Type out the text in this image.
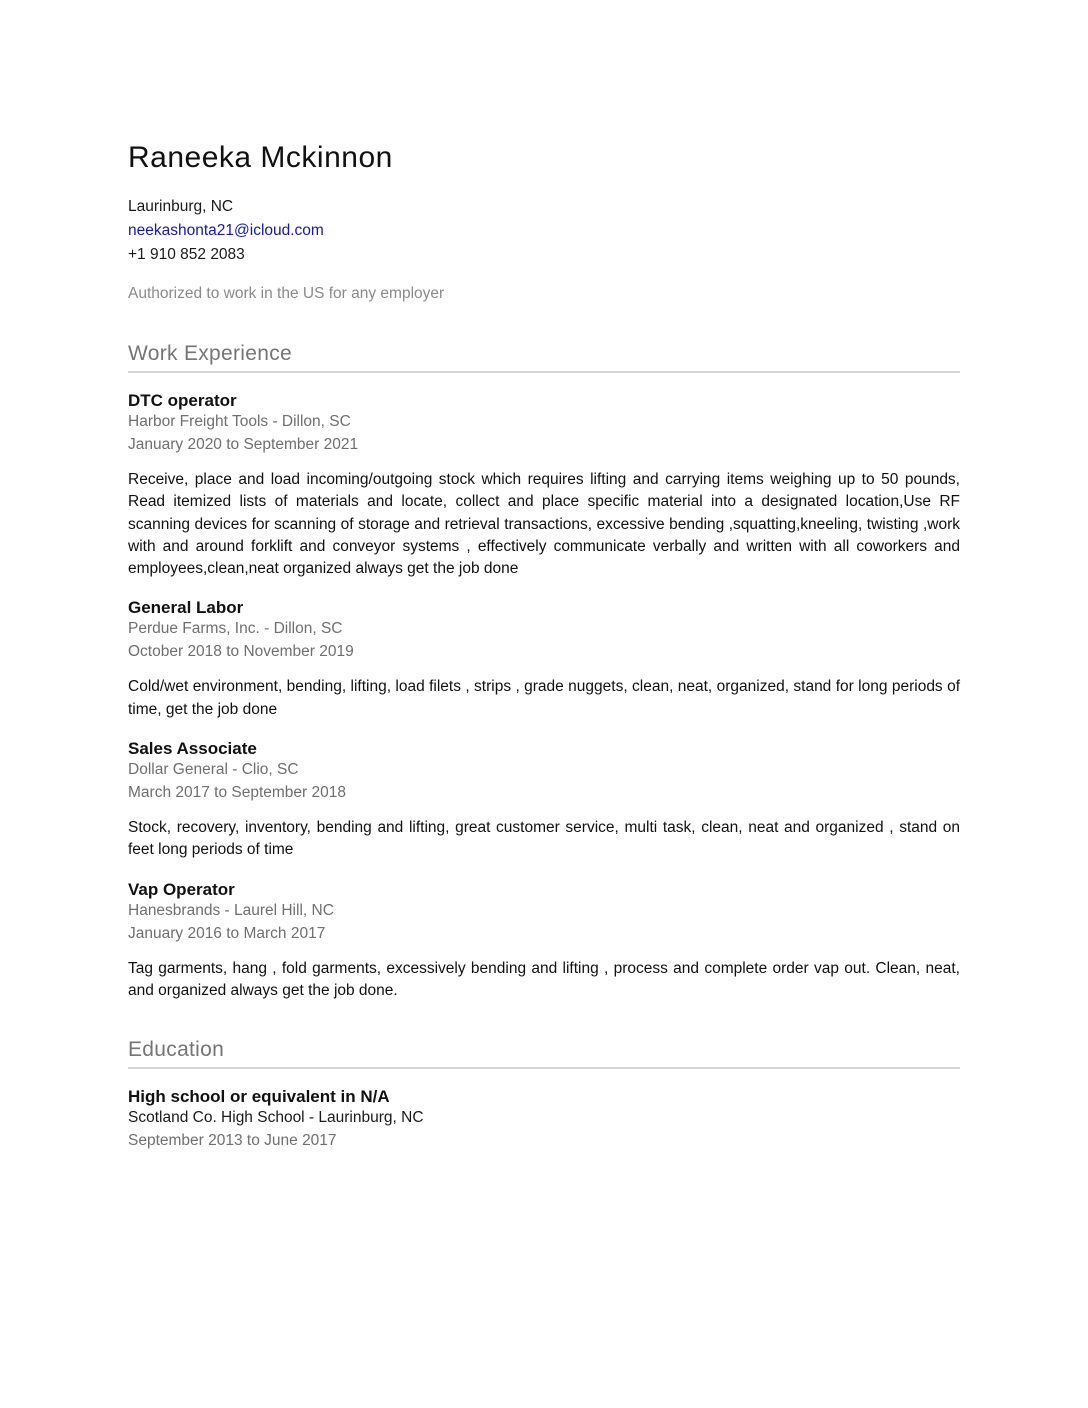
Raneeka Mckinnon
Laurinburg, NC
neekashonta21@icloud.com
+1 910 852 2083
Authorized to work in the US for any employer
Work Experience
DTC operator
Harbor Freight Tools - Dillon, SC
January 2020 to September 2021

Receive, place and load incoming/outgoing stock which requires lifting and carrying items weighing up to 50 pounds, Read itemized lists of materials and locate, collect and place specific material into a designated location,Use RF scanning devices for scanning of storage and retrieval transactions, excessive bending ,squatting,kneeling, twisting ,work with and around forklift and conveyor systems , effectively communicate verbally and written with all coworkers and employees,clean,neat organized always get the job done

General Labor
Perdue Farms, Inc. - Dillon, SC
October 2018 to November 2019

Cold/wet environment, bending, lifting, load filets , strips , grade nuggets, clean, neat, organized, stand for long periods of time, get the job done

Sales Associate
Dollar General - Clio, SC
March 2017 to September 2018

Stock, recovery, inventory, bending and lifting, great customer service, multi task, clean, neat and organized , stand on feet long periods of time

Vap Operator
Hanesbrands - Laurel Hill, NC
January 2016 to March 2017

Tag garments, hang , fold garments, excessively bending and lifting , process and complete order vap out. Clean, neat, and organized always get the job done.

Education
High school or equivalent in N/A
Scotland Co. High School - Laurinburg, NC
September 2013 to June 2017
